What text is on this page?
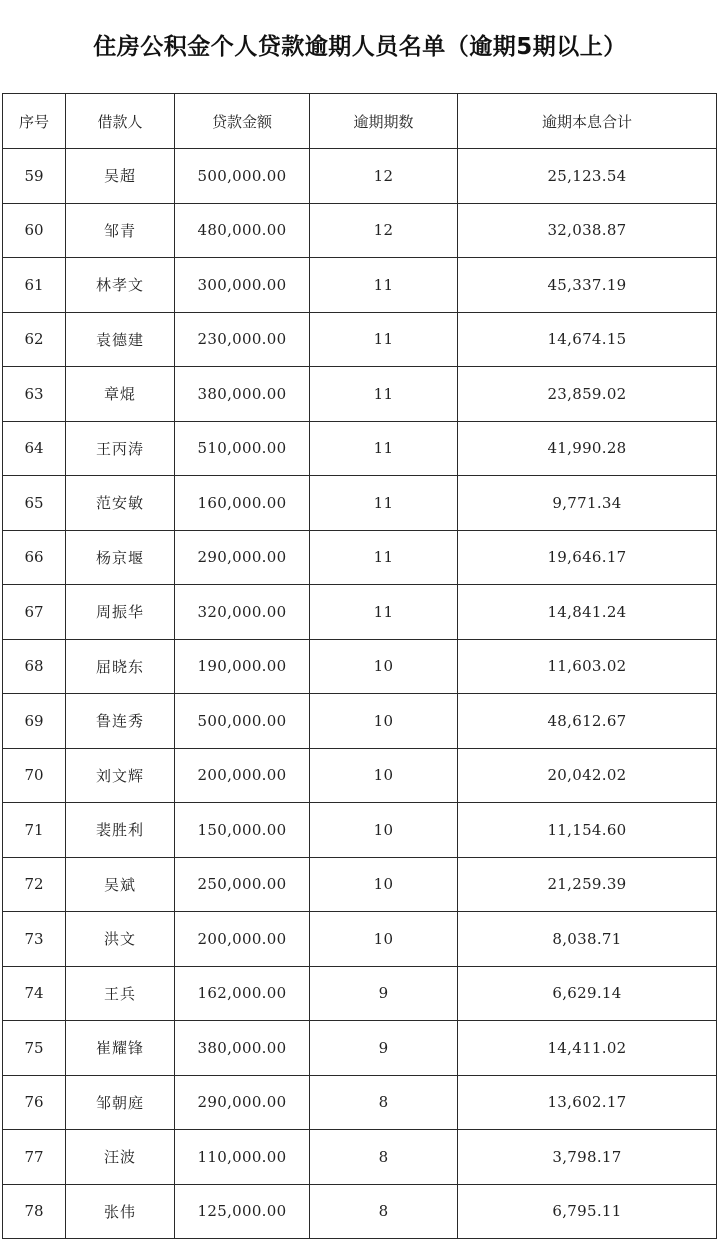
住房公积金个人贷款逾期人员名单（逾期5期以上）
序号	借款人	贷款金额	逾期期数	逾期本息合计
59	吴超	500,000.00	12	25,123.54
60	邹青	480,000.00	12	32,038.87
61	林孝文	300,000.00	11	45,337.19
62	袁德建	230,000.00	11	14,674.15
63	章焜	380,000.00	11	23,859.02
64	王丙涛	510,000.00	11	41,990.28
65	范安敏	160,000.00	11	9,771.34
66	杨京堰	290,000.00	11	19,646.17
67	周振华	320,000.00	11	14,841.24
68	屈晓东	190,000.00	10	11,603.02
69	鲁连秀	500,000.00	10	48,612.67
70	刘文辉	200,000.00	10	20,042.02
71	裴胜利	150,000.00	10	11,154.60
72	吴斌	250,000.00	10	21,259.39
73	洪文	200,000.00	10	8,038.71
74	王兵	162,000.00	9	6,629.14
75	崔耀锋	380,000.00	9	14,411.02
76	邹朝庭	290,000.00	8	13,602.17
77	汪波	110,000.00	8	3,798.17
78	张伟	125,000.00	8	6,795.11
